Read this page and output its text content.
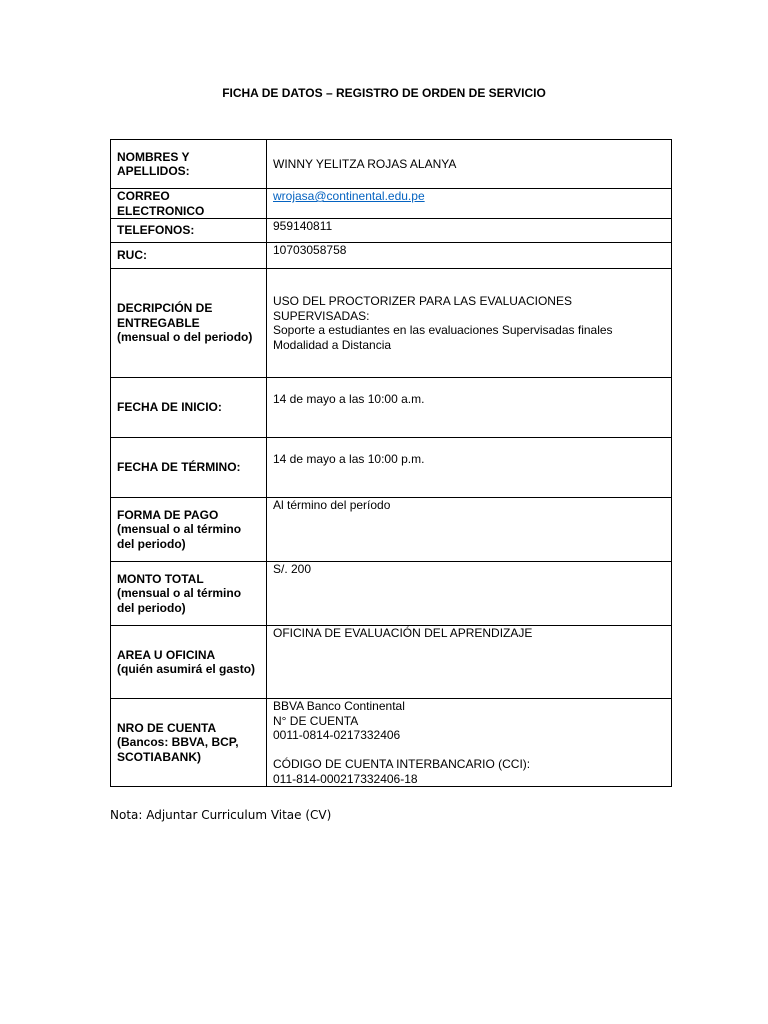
FICHA DE DATOS – REGISTRO DE ORDEN DE SERVICIO
NOMBRES Y APELLIDOS:	WINNY YELITZA ROJAS ALANYA
CORREO ELECTRONICO	wrojasa@continental.edu.pe
TELEFONOS:	959140811
RUC:	10703058758

DECRIPCIÓN DE ENTREGABLE
(mensual o del periodo)	USO DEL PROCTORIZER PARA LAS EVALUACIONES SUPERVISADAS:
Soporte a estudiantes en las evaluaciones Supervisadas finales Modalidad a Distancia

FECHA DE INICIO:	14 de mayo a las 10:00 a.m.
FECHA DE TÉRMINO:	14 de mayo a las 10:00 p.m.

FORMA DE PAGO
(mensual o al término del periodo)	Al término del período

MONTO TOTAL
(mensual o al término del periodo)	S/. 200

AREA U OFICINA
(quién asumirá el gasto)	OFICINA DE EVALUACIÓN DEL APRENDIZAJE

NRO DE CUENTA
(Bancos: BBVA, BCP, SCOTIABANK)	BBVA Banco Continental
N° DE CUENTA
0011-0814-0217332406
CÓDIGO DE CUENTA INTERBANCARIO (CCI):
011-814-000217332406-18
Nota: Adjuntar Curriculum Vitae (CV)
